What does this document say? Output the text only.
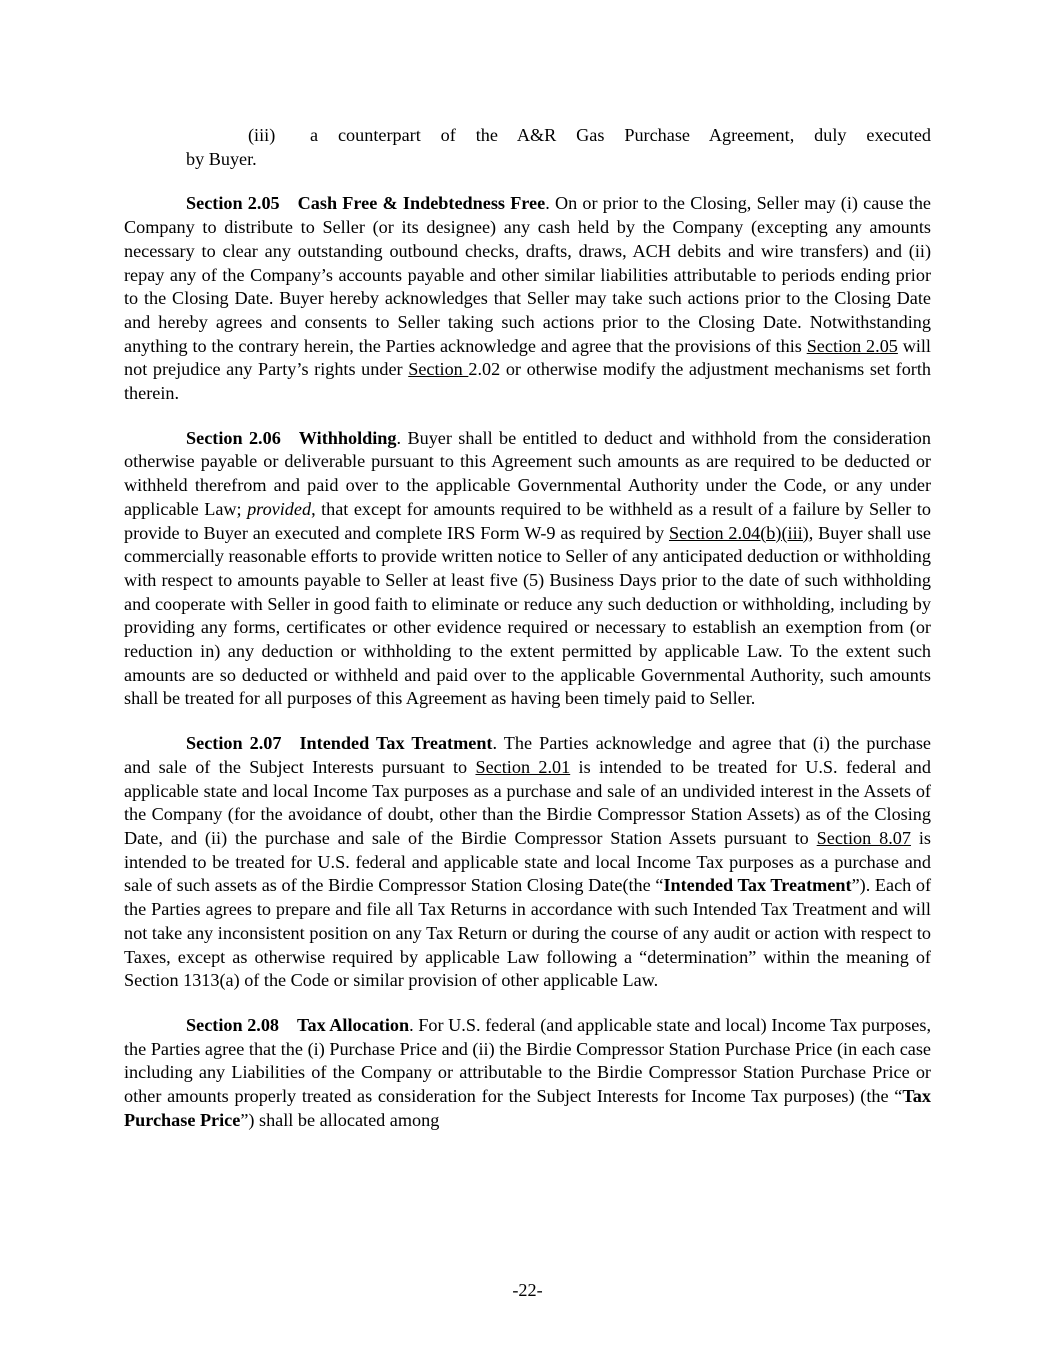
(iii) a counterpart of the A&R Gas Purchase Agreement, duly executed
by Buyer.

Section 2.05 Cash Free & Indebtedness Free. On or prior to the Closing, Seller may (i) cause the Company to distribute to Seller (or its designee) any cash held by the Company (excepting any amounts necessary to clear any outstanding outbound checks, drafts, draws, ACH debits and wire transfers) and (ii) repay any of the Company’s accounts payable and other similar liabilities attributable to periods ending prior to the Closing Date. Buyer hereby acknowledges that Seller may take such actions prior to the Closing Date and hereby agrees and consents to Seller taking such actions prior to the Closing Date. Notwithstanding anything to the contrary herein, the Parties acknowledge and agree that the provisions of this Section 2.05 will not prejudice any Party’s rights under Section 2.02 or otherwise modify the adjustment mechanisms set forth therein.

Section 2.06 Withholding. Buyer shall be entitled to deduct and withhold from the consideration otherwise payable or deliverable pursuant to this Agreement such amounts as are required to be deducted or withheld therefrom and paid over to the applicable Governmental Authority under the Code, or any under applicable Law; provided, that except for amounts required to be withheld as a result of a failure by Seller to provide to Buyer an executed and complete IRS Form W-9 as required by Section 2.04(b)(iii), Buyer shall use commercially reasonable efforts to provide written notice to Seller of any anticipated deduction or withholding with respect to amounts payable to Seller at least five (5) Business Days prior to the date of such withholding and cooperate with Seller in good faith to eliminate or reduce any such deduction or withholding, including by providing any forms, certificates or other evidence required or necessary to establish an exemption from (or reduction in) any deduction or withholding to the extent permitted by applicable Law. To the extent such amounts are so deducted or withheld and paid over to the applicable Governmental Authority, such amounts shall be treated for all purposes of this Agreement as having been timely paid to Seller.

Section 2.07 Intended Tax Treatment. The Parties acknowledge and agree that (i) the purchase and sale of the Subject Interests pursuant to Section 2.01 is intended to be treated for U.S. federal and applicable state and local Income Tax purposes as a purchase and sale of an undivided interest in the Assets of the Company (for the avoidance of doubt, other than the Birdie Compressor Station Assets) as of the Closing Date, and (ii) the purchase and sale of the Birdie Compressor Station Assets pursuant to Section 8.07 is intended to be treated for U.S. federal and applicable state and local Income Tax purposes as a purchase and sale of such assets as of the Birdie Compressor Station Closing Date(the “Intended Tax Treatment”). Each of the Parties agrees to prepare and file all Tax Returns in accordance with such Intended Tax Treatment and will not take any inconsistent position on any Tax Return or during the course of any audit or action with respect to Taxes, except as otherwise required by applicable Law following a “determination” within the meaning of Section 1313(a) of the Code or similar provision of other applicable Law.

Section 2.08 Tax Allocation. For U.S. federal (and applicable state and local) Income Tax purposes, the Parties agree that the (i) Purchase Price and (ii) the Birdie Compressor Station Purchase Price (in each case including any Liabilities of the Company or attributable to the Birdie Compressor Station Purchase Price or other amounts properly treated as consideration for the Subject Interests for Income Tax purposes) (the “Tax Purchase Price”) shall be allocated among

-22-
